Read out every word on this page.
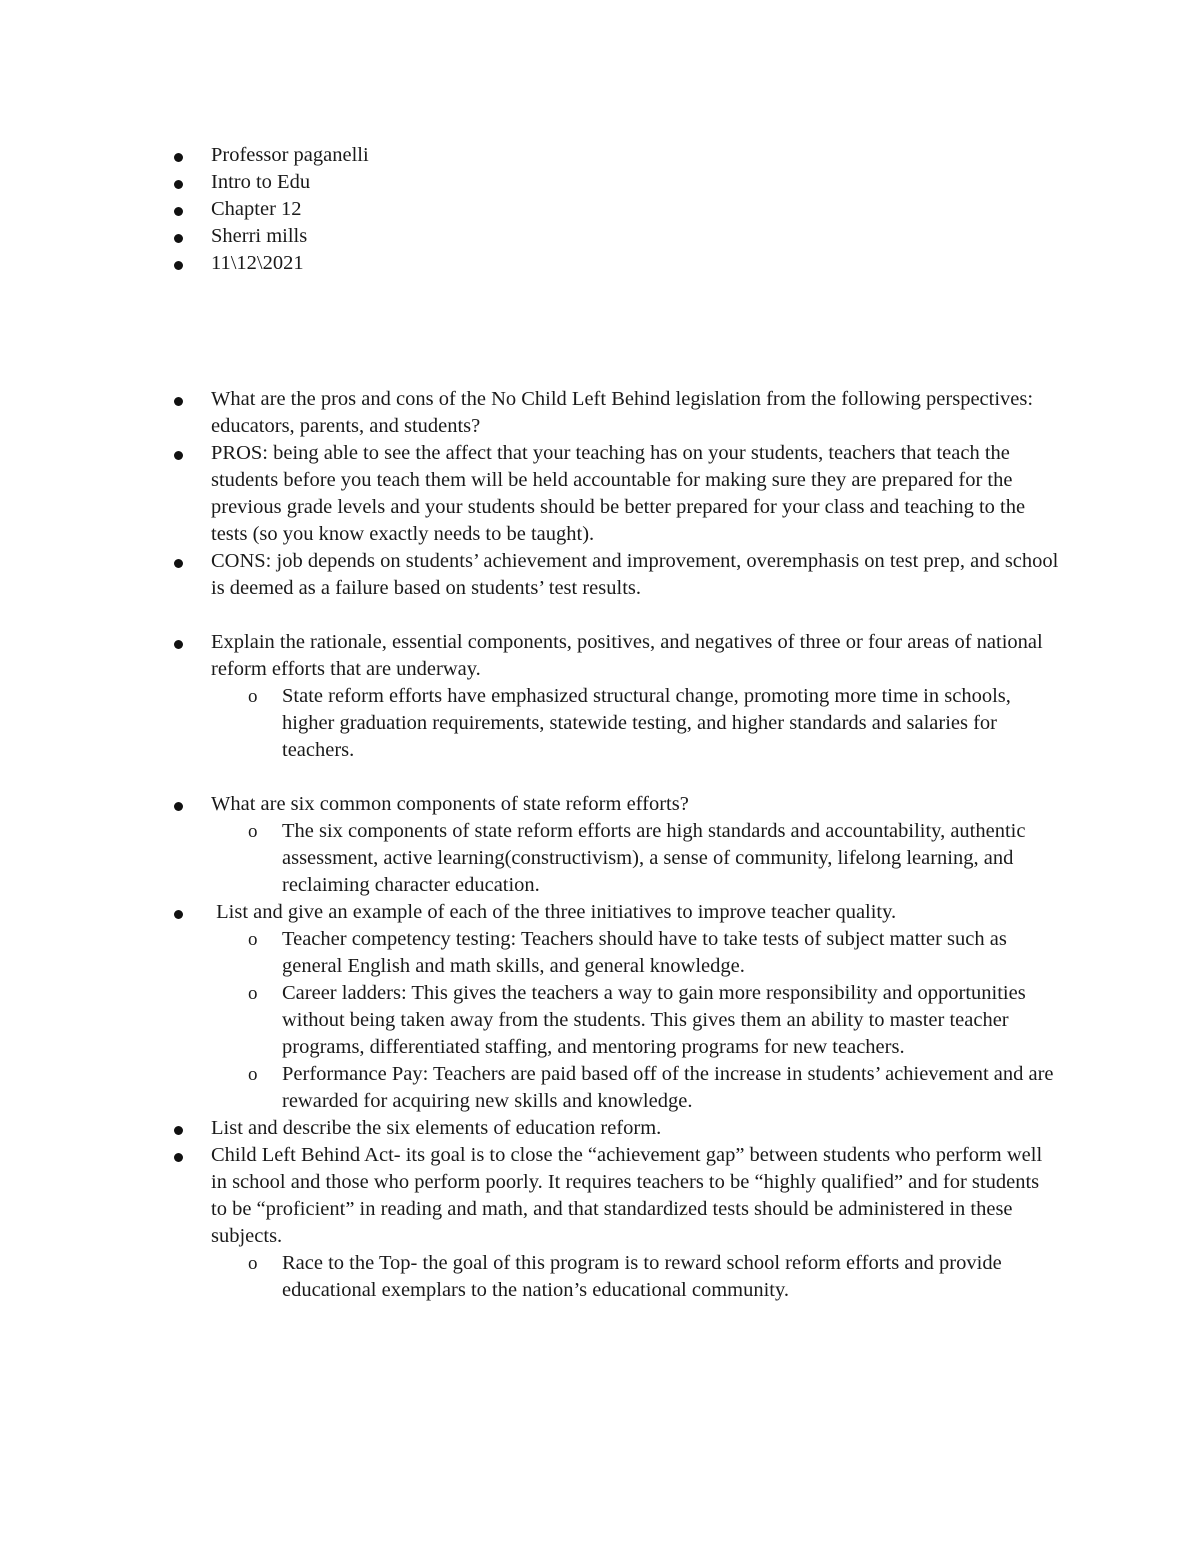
Professor paganelli
Intro to Edu
Chapter 12
Sherri mills
11\12\2021
What are the pros and cons of the No Child Left Behind legislation from the following perspectives: educators, parents, and students?
PROS: being able to see the affect that your teaching has on your students, teachers that teach the students before you teach them will be held accountable for making sure they are prepared for the previous grade levels and your students should be better prepared for your class and teaching to the tests (so you know exactly needs to be taught).
CONS: job depends on students’ achievement and improvement, overemphasis on test prep, and school is deemed as a failure based on students’ test results.
Explain the rationale, essential components, positives, and negatives of three or four areas of national reform efforts that are underway.
o State reform efforts have emphasized structural change, promoting more time in schools, higher graduation requirements, statewide testing, and higher standards and salaries for teachers.
What are six common components of state reform efforts?
o The six components of state reform efforts are high standards and accountability, authentic assessment, active learning(constructivism), a sense of community, lifelong learning, and reclaiming character education.
List and give an example of each of the three initiatives to improve teacher quality.
o Teacher competency testing: Teachers should have to take tests of subject matter such as general English and math skills, and general knowledge.
o Career ladders: This gives the teachers a way to gain more responsibility and opportunities without being taken away from the students. This gives them an ability to master teacher programs, differentiated staffing, and mentoring programs for new teachers.
o Performance Pay: Teachers are paid based off of the increase in students’ achievement and are rewarded for acquiring new skills and knowledge.
List and describe the six elements of education reform.
Child Left Behind Act- its goal is to close the “achievement gap” between students who perform well in school and those who perform poorly. It requires teachers to be “highly qualified” and for students to be “proficient” in reading and math, and that standardized tests should be administered in these subjects.
o Race to the Top- the goal of this program is to reward school reform efforts and provide educational exemplars to the nation’s educational community.
